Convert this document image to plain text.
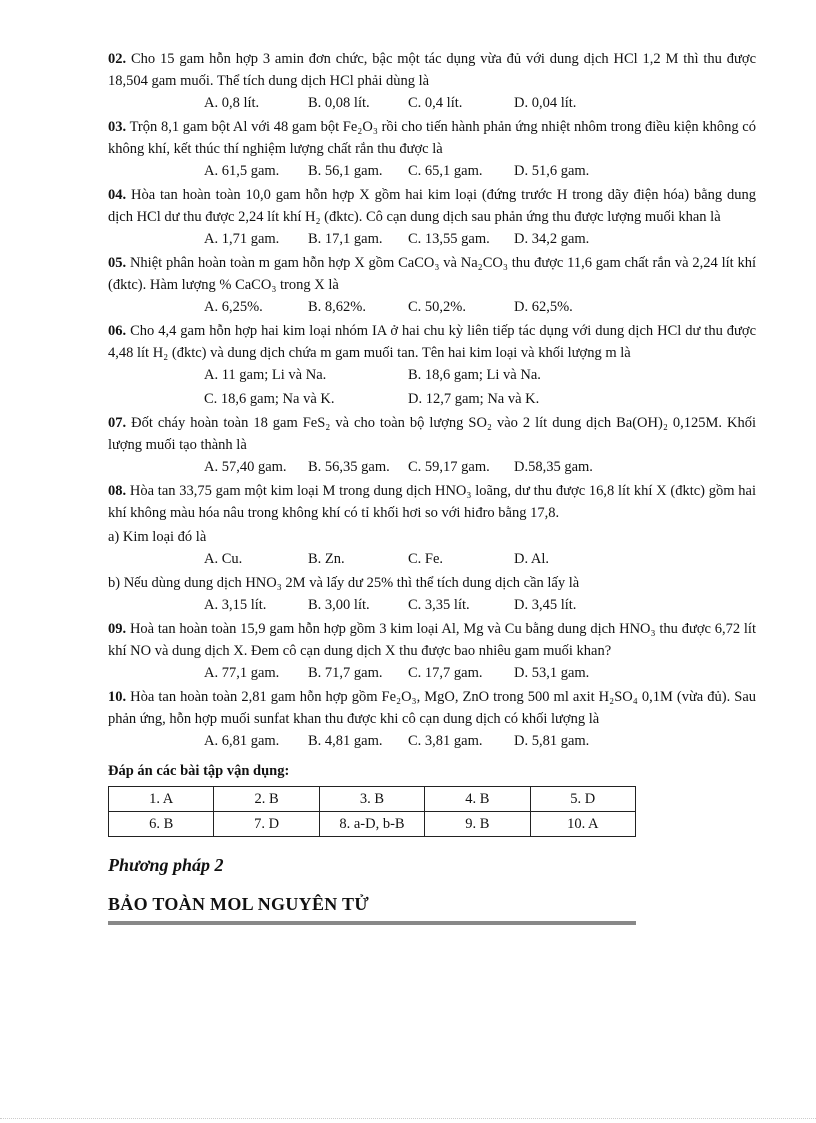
02. Cho 15 gam hỗn hợp 3 amin đơn chức, bậc một tác dụng vừa đủ với dung dịch HCl 1,2 M thì thu được 18,504 gam muối. Thể tích dung dịch HCl phải dùng là

A. 0,8 lít.	B. 0,08 lít.	C. 0,4 lít.	D. 0,04 lít.

03. Trộn 8,1 gam bột Al với 48 gam bột Fe₂O₃ rồi cho tiến hành phản ứng nhiệt nhôm trong điều kiện không có không khí, kết thúc thí nghiệm lượng chất rắn thu được là

A. 61,5 gam. B. 56,1 gam. C. 65,1 gam. D. 51,6 gam.

04. Hòa tan hoàn toàn 10,0 gam hỗn hợp X gồm hai kim loại (đứng trước H trong dãy điện hóa) bằng dung dịch HCl dư thu được 2,24 lít khí H₂ (đktc). Cô cạn dung dịch sau phản ứng thu được lượng muối khan là

A. 1,71 gam. B. 17,1 gam. C. 13,55 gam. D. 34,2 gam.

05. Nhiệt phân hoàn toàn m gam hỗn hợp X gồm CaCO₃ và Na₂CO₃ thu được 11,6 gam chất rắn và 2,24 lít khí (đktc). Hàm lượng % CaCO₃ trong X là

A. 6,25%.	B. 8,62%.	C. 50,2%.	D. 62,5%.

06. Cho 4,4 gam hỗn hợp hai kim loại nhóm IA ở hai chu kỳ liên tiếp tác dụng với dung dịch HCl dư thu được 4,48 lít H₂ (đktc) và dung dịch chứa m gam muối tan. Tên hai kim loại và khối lượng m là

A. 11 gam; Li và Na.	B. 18,6 gam; Li và Na.
C. 18,6 gam; Na và K.	D. 12,7 gam; Na và K.

07. Đốt cháy hoàn toàn 18 gam FeS₂ và cho toàn bộ lượng SO₂ vào 2 lít dung dịch Ba(OH)₂ 0,125M. Khối lượng muối tạo thành là

A. 57,40 gam. B. 56,35 gam. C. 59,17 gam. D.58,35 gam.

08. Hòa tan 33,75 gam một kim loại M trong dung dịch HNO₃ loãng, dư thu được 16,8 lít khí X (đktc) gồm hai khí không màu hóa nâu trong không khí có tỉ khối hơi so với hiđro bằng 17,8.

a) Kim loại đó là

A. Cu.	B. Zn.	C. Fe.	D. Al.

b) Nếu dùng dung dịch HNO₃ 2M và lấy dư 25% thì thể tích dung dịch cần lấy là

A. 3,15 lít.	B. 3,00 lít.	C. 3,35 lít.	D. 3,45 lít.

09. Hoà tan hoàn toàn 15,9 gam hỗn hợp gồm 3 kim loại Al, Mg và Cu bằng dung dịch HNO₃ thu được 6,72 lít khí NO và dung dịch X. Đem cô cạn dung dịch X thu được bao nhiêu gam muối khan?

A. 77,1 gam. B. 71,7 gam. C. 17,7 gam. D. 53,1 gam.

10. Hòa tan hoàn toàn 2,81 gam hỗn hợp gồm Fe₂O₃, MgO, ZnO trong 500 ml axit H₂SO₄ 0,1M (vừa đủ). Sau phản ứng, hỗn hợp muối sunfat khan thu được khi cô cạn dung dịch có khối lượng là

A. 6,81 gam. B. 4,81 gam. C. 3,81 gam. D. 5,81 gam.
Đáp án các bài tập vận dụng:
1. A	2. B	3. B	4. B	5. D
6. B	7. D	8. a-D, b-B	9. B	10. A
Phương pháp 2
BẢO TOÀN MOL NGUYÊN TỬ
